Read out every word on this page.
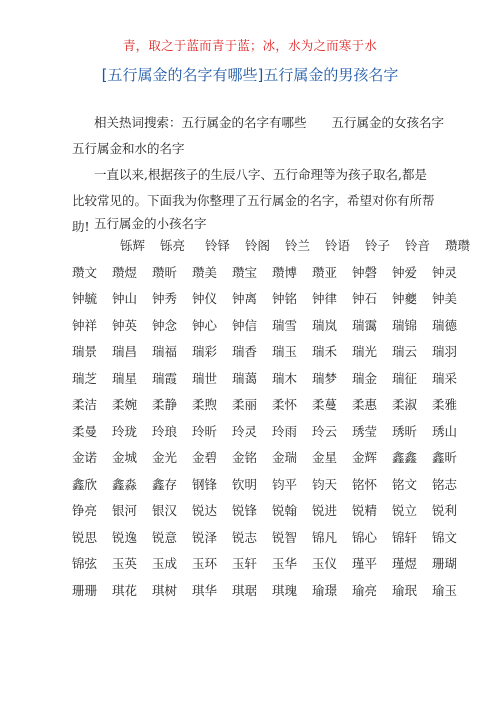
青，取之于蓝而青于蓝；冰，水为之而寒于水
[五行属金的名字有哪些]五行属金的男孩名字
相关热词搜索：五行属金的名字有哪些　　五行属金的女孩名字
五行属金和水的名字
一直以来,根据孩子的生辰八字、五行命理等为孩子取名,都是
比较常见的。下面我为你整理了五行属金的名字，希望对你有所帮
助! 五行属金的小孩名字
铄辉 铄亮 铃铎 铃阁 铃兰 铃语 铃子 铃音 瓒瓒
瓒文 瓒煜 瓒昕 瓒美 瓒宝 瓒博 瓒亚 钟磬 钟爱 钟灵
钟毓 钟山 钟秀 钟仪 钟离 钟铭 钟律 钟石 钟夔 钟美
钟祥 钟英 钟念 钟心 钟信 瑞雪 瑞岚 瑞霭 瑞锦 瑞德
瑞景 瑞昌 瑞福 瑞彩 瑞香 瑞玉 瑞禾 瑞光 瑞云 瑞羽
瑞芝 瑞星 瑞霞 瑞世 瑞蔼 瑞木 瑞梦 瑞金 瑞征 瑞采
柔洁 柔婉 柔静 柔煦 柔丽 柔怀 柔蔓 柔惠 柔淑 柔雅
柔曼 玲珑 玲琅 玲昕 玲灵 玲雨 玲云 琇莹 琇昕 琇山
金诺 金城 金光 金碧 金铭 金瑞 金星 金辉 鑫鑫 鑫昕
鑫欣 鑫淼 鑫存 钢锋 钦明 钧平 钧天 铭怀 铭文 铭志
铮亮 银河 银汉 锐达 锐锋 锐翰 锐进 锐精 锐立 锐利
锐思 锐逸 锐意 锐泽 锐志 锐智 锦凡 锦心 锦轩 锦文
锦弦 玉英 玉成 玉环 玉轩 玉华 玉仪 瑾平 瑾煜 珊瑚
珊珊 琪花 琪树 琪华 琪琚 琪瑰 瑜璟 瑜亮 瑜珉 瑜玉
